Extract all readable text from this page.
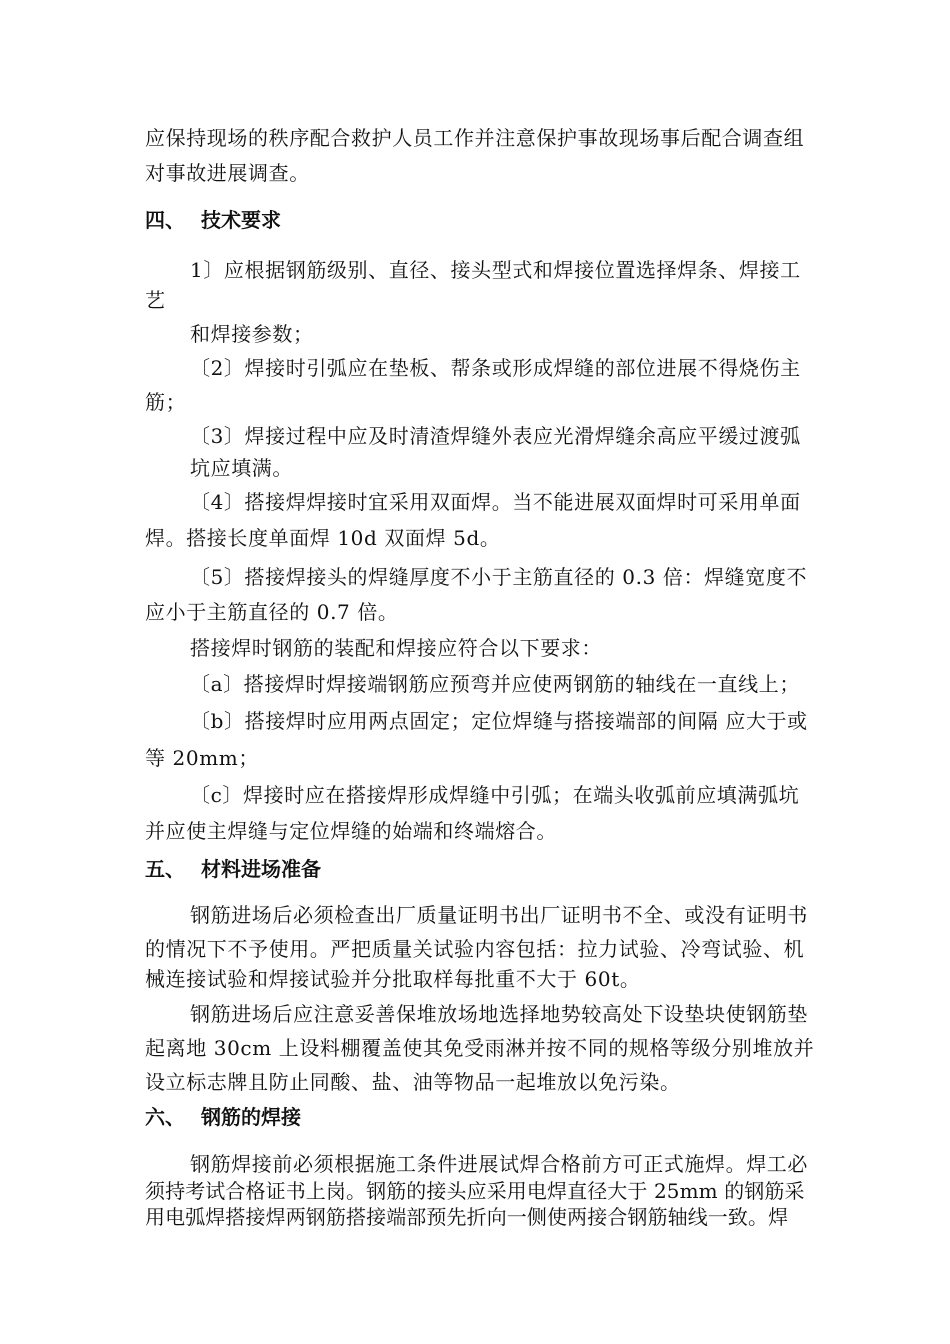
应保持现场的秩序配合救护人员工作并注意保护事故现场事后配合调查组
对事故进展调查。
四、 技术要求
1〕应根据钢筋级别、直径、接头型式和焊接位置选择焊条、焊接工
艺
和焊接参数；
〔2〕焊接时引弧应在垫板、帮条或形成焊缝的部位进展不得烧伤主
筋；
〔3〕焊接过程中应及时清渣焊缝外表应光滑焊缝余高应平缓过渡弧
坑应填满。
〔4〕搭接焊焊接时宜采用双面焊。当不能进展双面焊时可采用单面
焊。搭接长度单面焊 10d 双面焊 5d。
〔5〕搭接焊接头的焊缝厚度不小于主筋直径的 0.3 倍：焊缝宽度不
应小于主筋直径的 0.7 倍。
搭接焊时钢筋的装配和焊接应符合以下要求：
〔a〕搭接焊时焊接端钢筋应预弯并应使两钢筋的轴线在一直线上；
〔b〕搭接焊时应用两点固定；定位焊缝与搭接端部的间隔 应大于或
等 20mm；
〔c〕焊接时应在搭接焊形成焊缝中引弧；在端头收弧前应填满弧坑
并应使主焊缝与定位焊缝的始端和终端熔合。
五、 材料进场准备
钢筋进场后必须检查出厂质量证明书出厂证明书不全、或没有证明书
的情况下不予使用。严把质量关试验内容包括：拉力试验、冷弯试验、机
械连接试验和焊接试验并分批取样每批重不大于 60t。
钢筋进场后应注意妥善保堆放场地选择地势较高处下设垫块使钢筋垫
起离地 30cm 上设料棚覆盖使其免受雨淋并按不同的规格等级分别堆放并
设立标志牌且防止同酸、盐、油等物品一起堆放以免污染。
六、 钢筋的焊接
钢筋焊接前必须根据施工条件进展试焊合格前方可正式施焊。焊工必
须持考试合格证书上岗。钢筋的接头应采用电焊直径大于 25mm 的钢筋采
用电弧焊搭接焊两钢筋搭接端部预先折向一侧使两接合钢筋轴线一致。焊
